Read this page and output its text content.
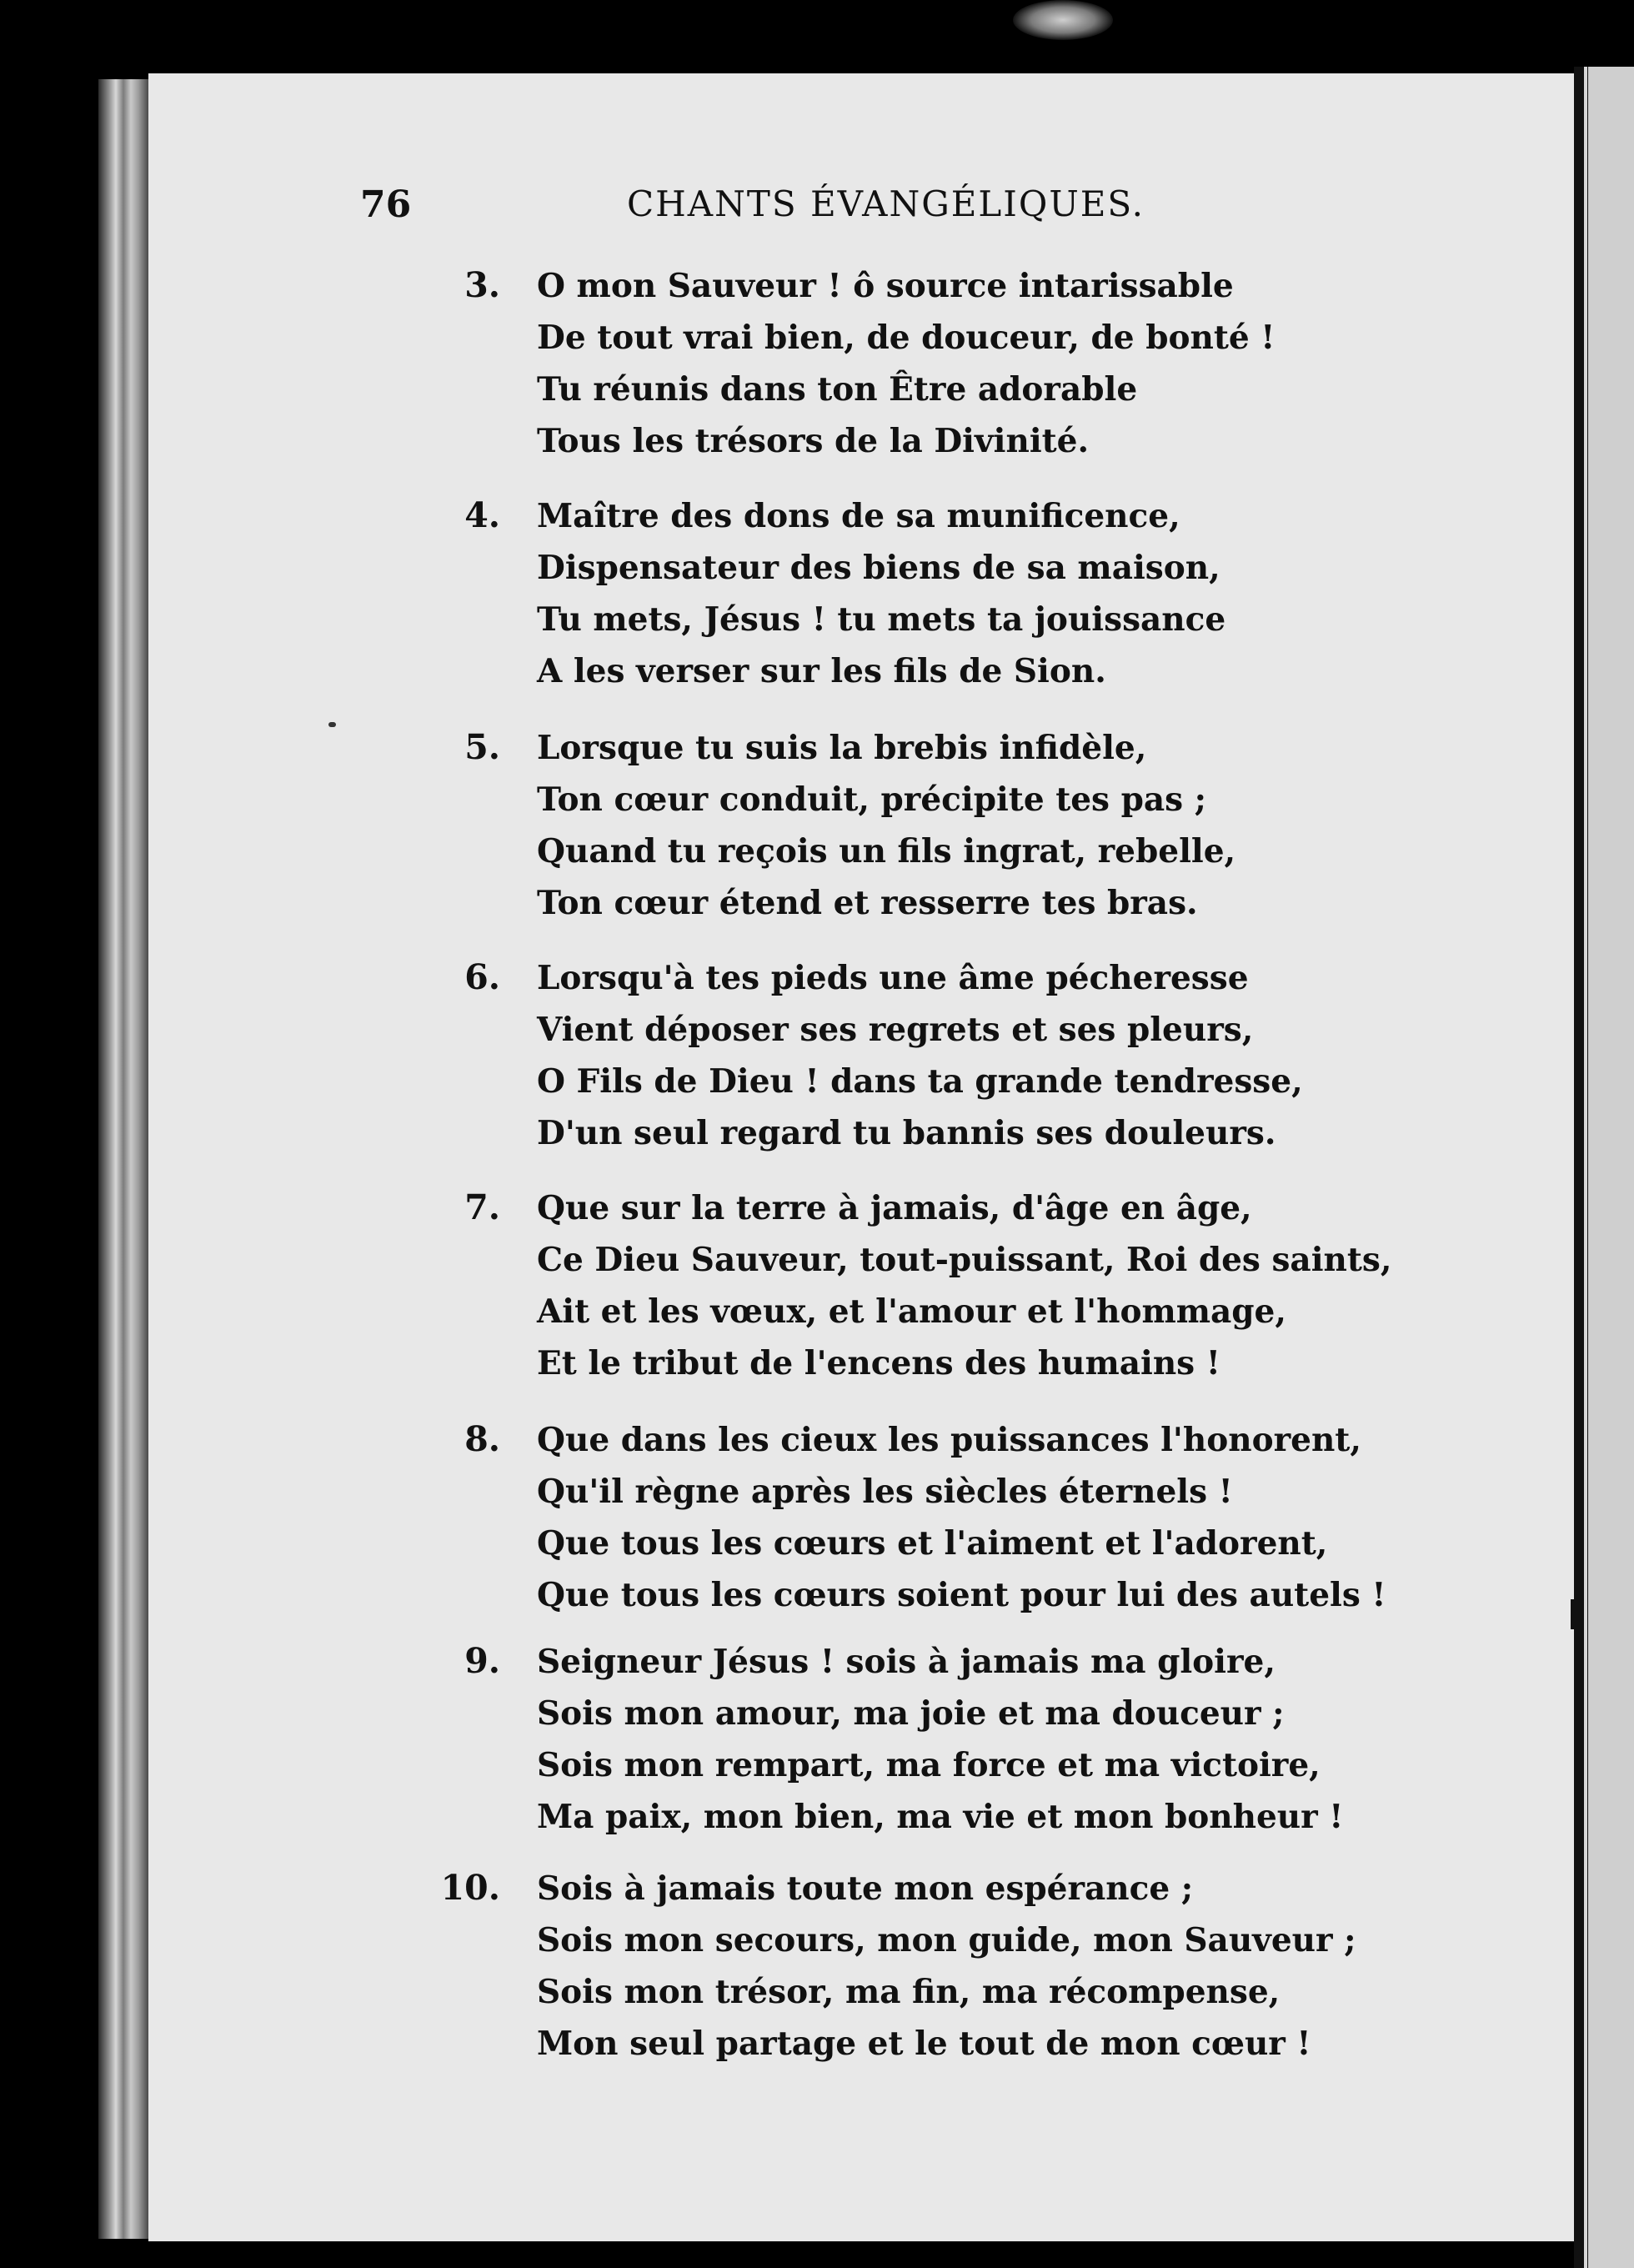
76	CHANTS ÉVANGÉLIQUES.
3. O mon Sauveur ! ô source intarissable
De tout vrai bien, de douceur, de bonté !
Tu réunis dans ton Être adorable
Tous les trésors de la Divinité.
4. Maître des dons de sa munificence,
Dispensateur des biens de sa maison,
Tu mets, Jésus ! tu mets ta jouissance
A les verser sur les fils de Sion.
5. Lorsque tu suis la brebis infidèle,
Ton cœur conduit, précipite tes pas ;
Quand tu reçois un fils ingrat, rebelle,
Ton cœur étend et resserre tes bras.
6. Lorsqu'à tes pieds une âme pécheresse
Vient déposer ses regrets et ses pleurs,
O Fils de Dieu ! dans ta grande tendresse,
D'un seul regard tu bannis ses douleurs.
7. Que sur la terre à jamais, d'âge en âge,
Ce Dieu Sauveur, tout-puissant, Roi des saints,
Ait et les vœux, et l'amour et l'hommage,
Et le tribut de l'encens des humains !
8. Que dans les cieux les puissances l'honorent,
Qu'il règne après les siècles éternels !
Que tous les cœurs et l'aiment et l'adorent,
Que tous les cœurs soient pour lui des autels !
9. Seigneur Jésus ! sois à jamais ma gloire,
Sois mon amour, ma joie et ma douceur ;
Sois mon rempart, ma force et ma victoire,
Ma paix, mon bien, ma vie et mon bonheur !
10. Sois à jamais toute mon espérance ;
Sois mon secours, mon guide, mon Sauveur ;
Sois mon trésor, ma fin, ma récompense,
Mon seul partage et le tout de mon cœur !
